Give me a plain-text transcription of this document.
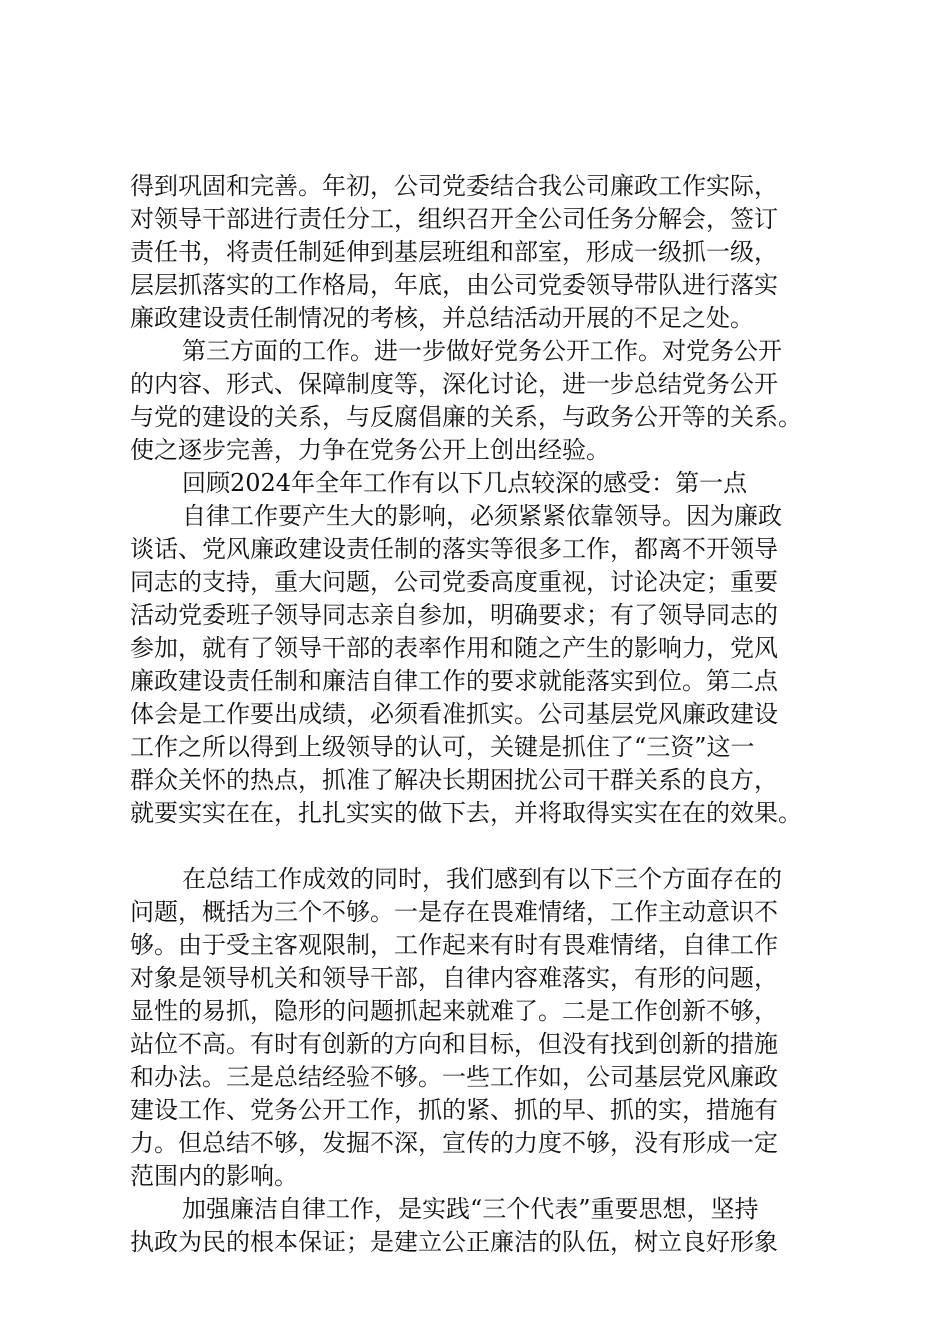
得到巩固和完善。年初，公司党委结合我公司廉政工作实际，
对领导干部进行责任分工，组织召开全公司任务分解会，签订
责任书，将责任制延伸到基层班组和部室，形成一级抓一级，
层层抓落实的工作格局，年底，由公司党委领导带队进行落实
廉政建设责任制情况的考核，并总结活动开展的不足之处。
第三方面的工作。进一步做好党务公开工作。对党务公开
的内容、形式、保障制度等，深化讨论，进一步总结党务公开
与党的建设的关系，与反腐倡廉的关系，与政务公开等的关系。
使之逐步完善，力争在党务公开上创出经验。
回顾2024年全年工作有以下几点较深的感受：第一点
自律工作要产生大的影响，必须紧紧依靠领导。因为廉政
谈话、党风廉政建设责任制的落实等很多工作，都离不开领导
同志的支持，重大问题，公司党委高度重视，讨论决定；重要
活动党委班子领导同志亲自参加，明确要求；有了领导同志的
参加，就有了领导干部的表率作用和随之产生的影响力，党风
廉政建设责任制和廉洁自律工作的要求就能落实到位。第二点
体会是工作要出成绩，必须看准抓实。公司基层党风廉政建设
工作之所以得到上级领导的认可，关键是抓住了“三资”这一
群众关怀的热点，抓准了解决长期困扰公司干群关系的良方，
就要实实在在，扎扎实实的做下去，并将取得实实在在的效果。
在总结工作成效的同时，我们感到有以下三个方面存在的
问题，概括为三个不够。一是存在畏难情绪，工作主动意识不
够。由于受主客观限制，工作起来有时有畏难情绪，自律工作
对象是领导机关和领导干部，自律内容难落实，有形的问题，
显性的易抓，隐形的问题抓起来就难了。二是工作创新不够，
站位不高。有时有创新的方向和目标，但没有找到创新的措施
和办法。三是总结经验不够。一些工作如，公司基层党风廉政
建设工作、党务公开工作，抓的紧、抓的早、抓的实，措施有
力。但总结不够，发掘不深，宣传的力度不够，没有形成一定
范围内的影响。
加强廉洁自律工作，是实践“三个代表”重要思想，坚持
执政为民的根本保证；是建立公正廉洁的队伍，树立良好形象
